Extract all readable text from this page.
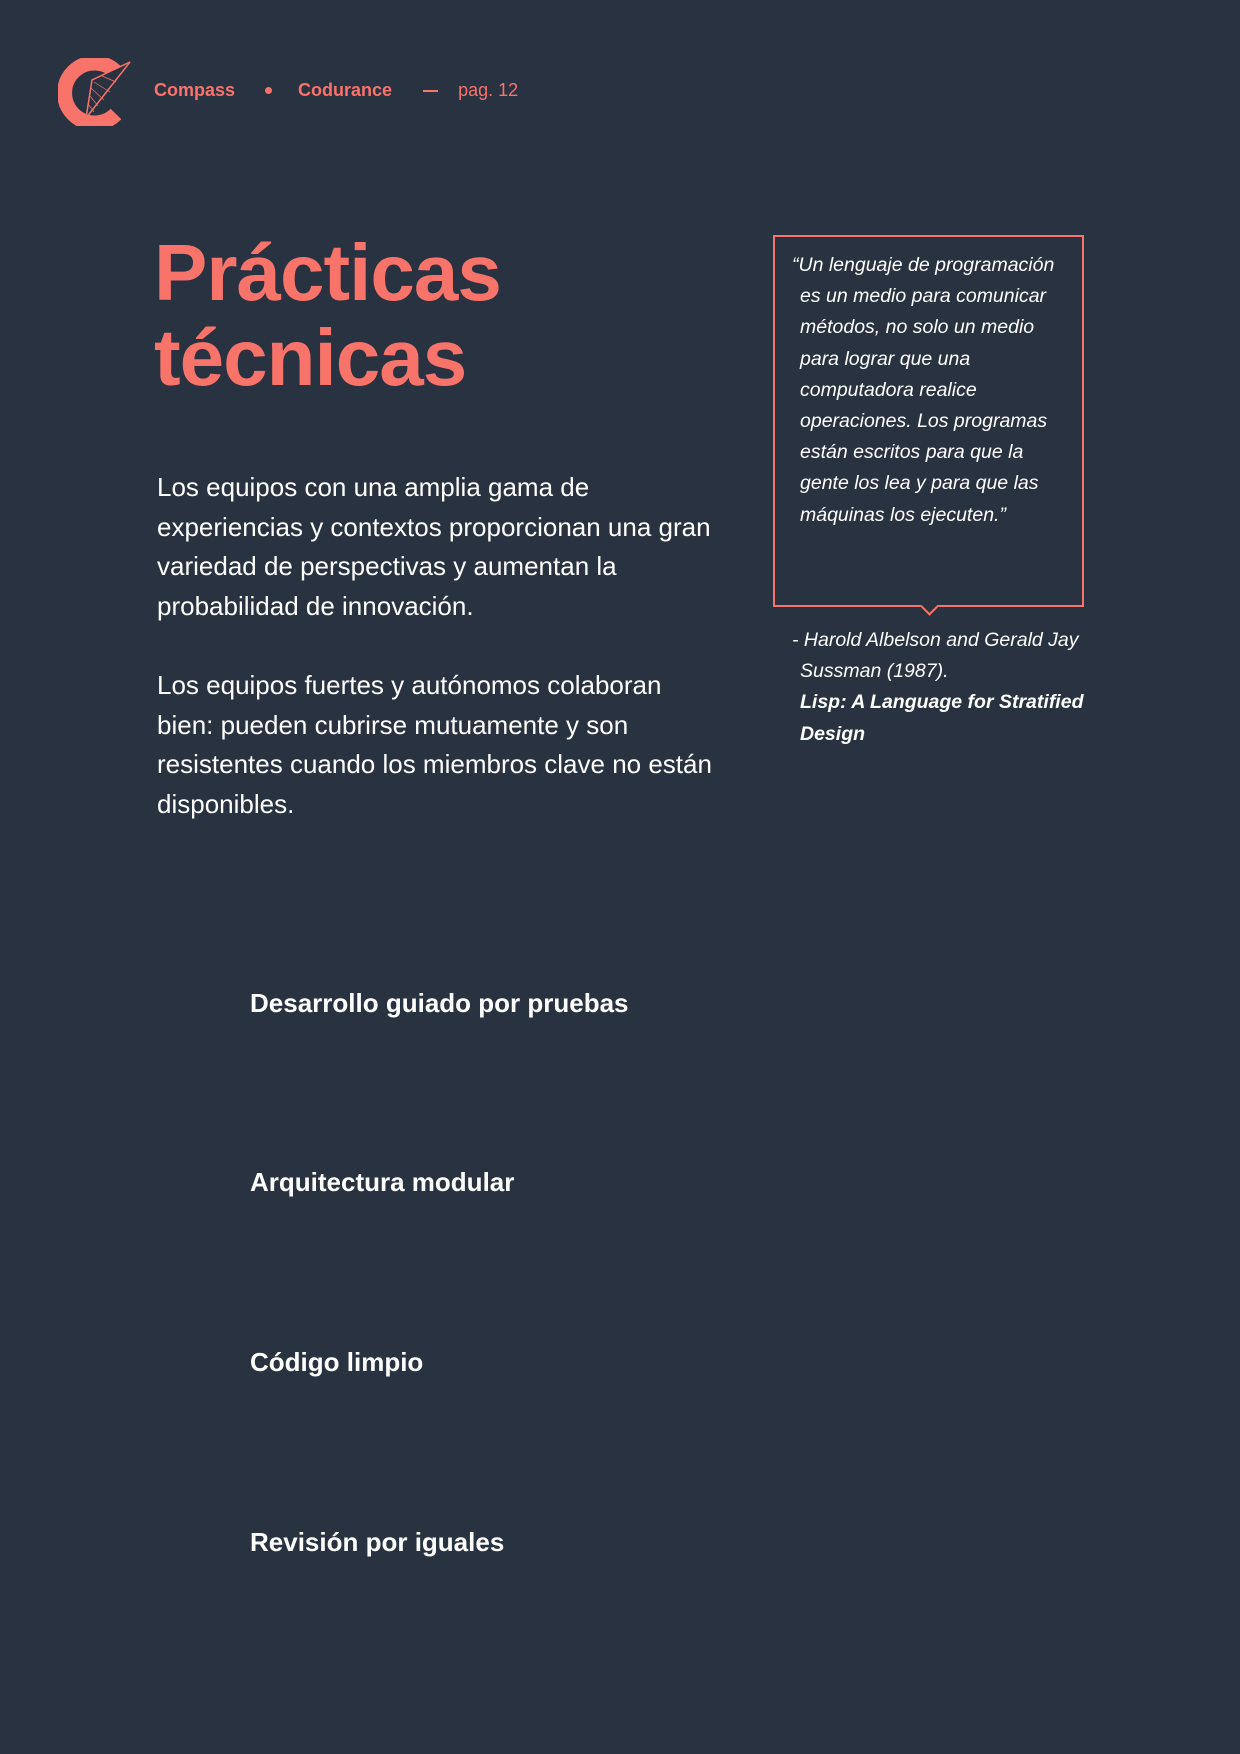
Compass	Codurance	pag. 12
Prácticas
técnicas

Los equipos con una amplia gama de experiencias y contextos proporcionan una gran variedad de perspectivas y aumentan la probabilidad de innovación.

Los equipos fuertes y autónomos colaboran bien: pueden cubrirse mutuamente y son resistentes cuando los miembros clave no están disponibles.

“Un lenguaje de programación es un medio para comunicar métodos, no solo un medio para lograr que una computadora realice operaciones. Los programas están escritos para que la gente los lea y para que las máquinas los ejecuten.”

- Harold Albelson and Gerald Jay Sussman (1987).
Lisp: A Language for Stratified Design

Desarrollo guiado por pruebas
Arquitectura modular
Código limpio
Revisión por iguales
